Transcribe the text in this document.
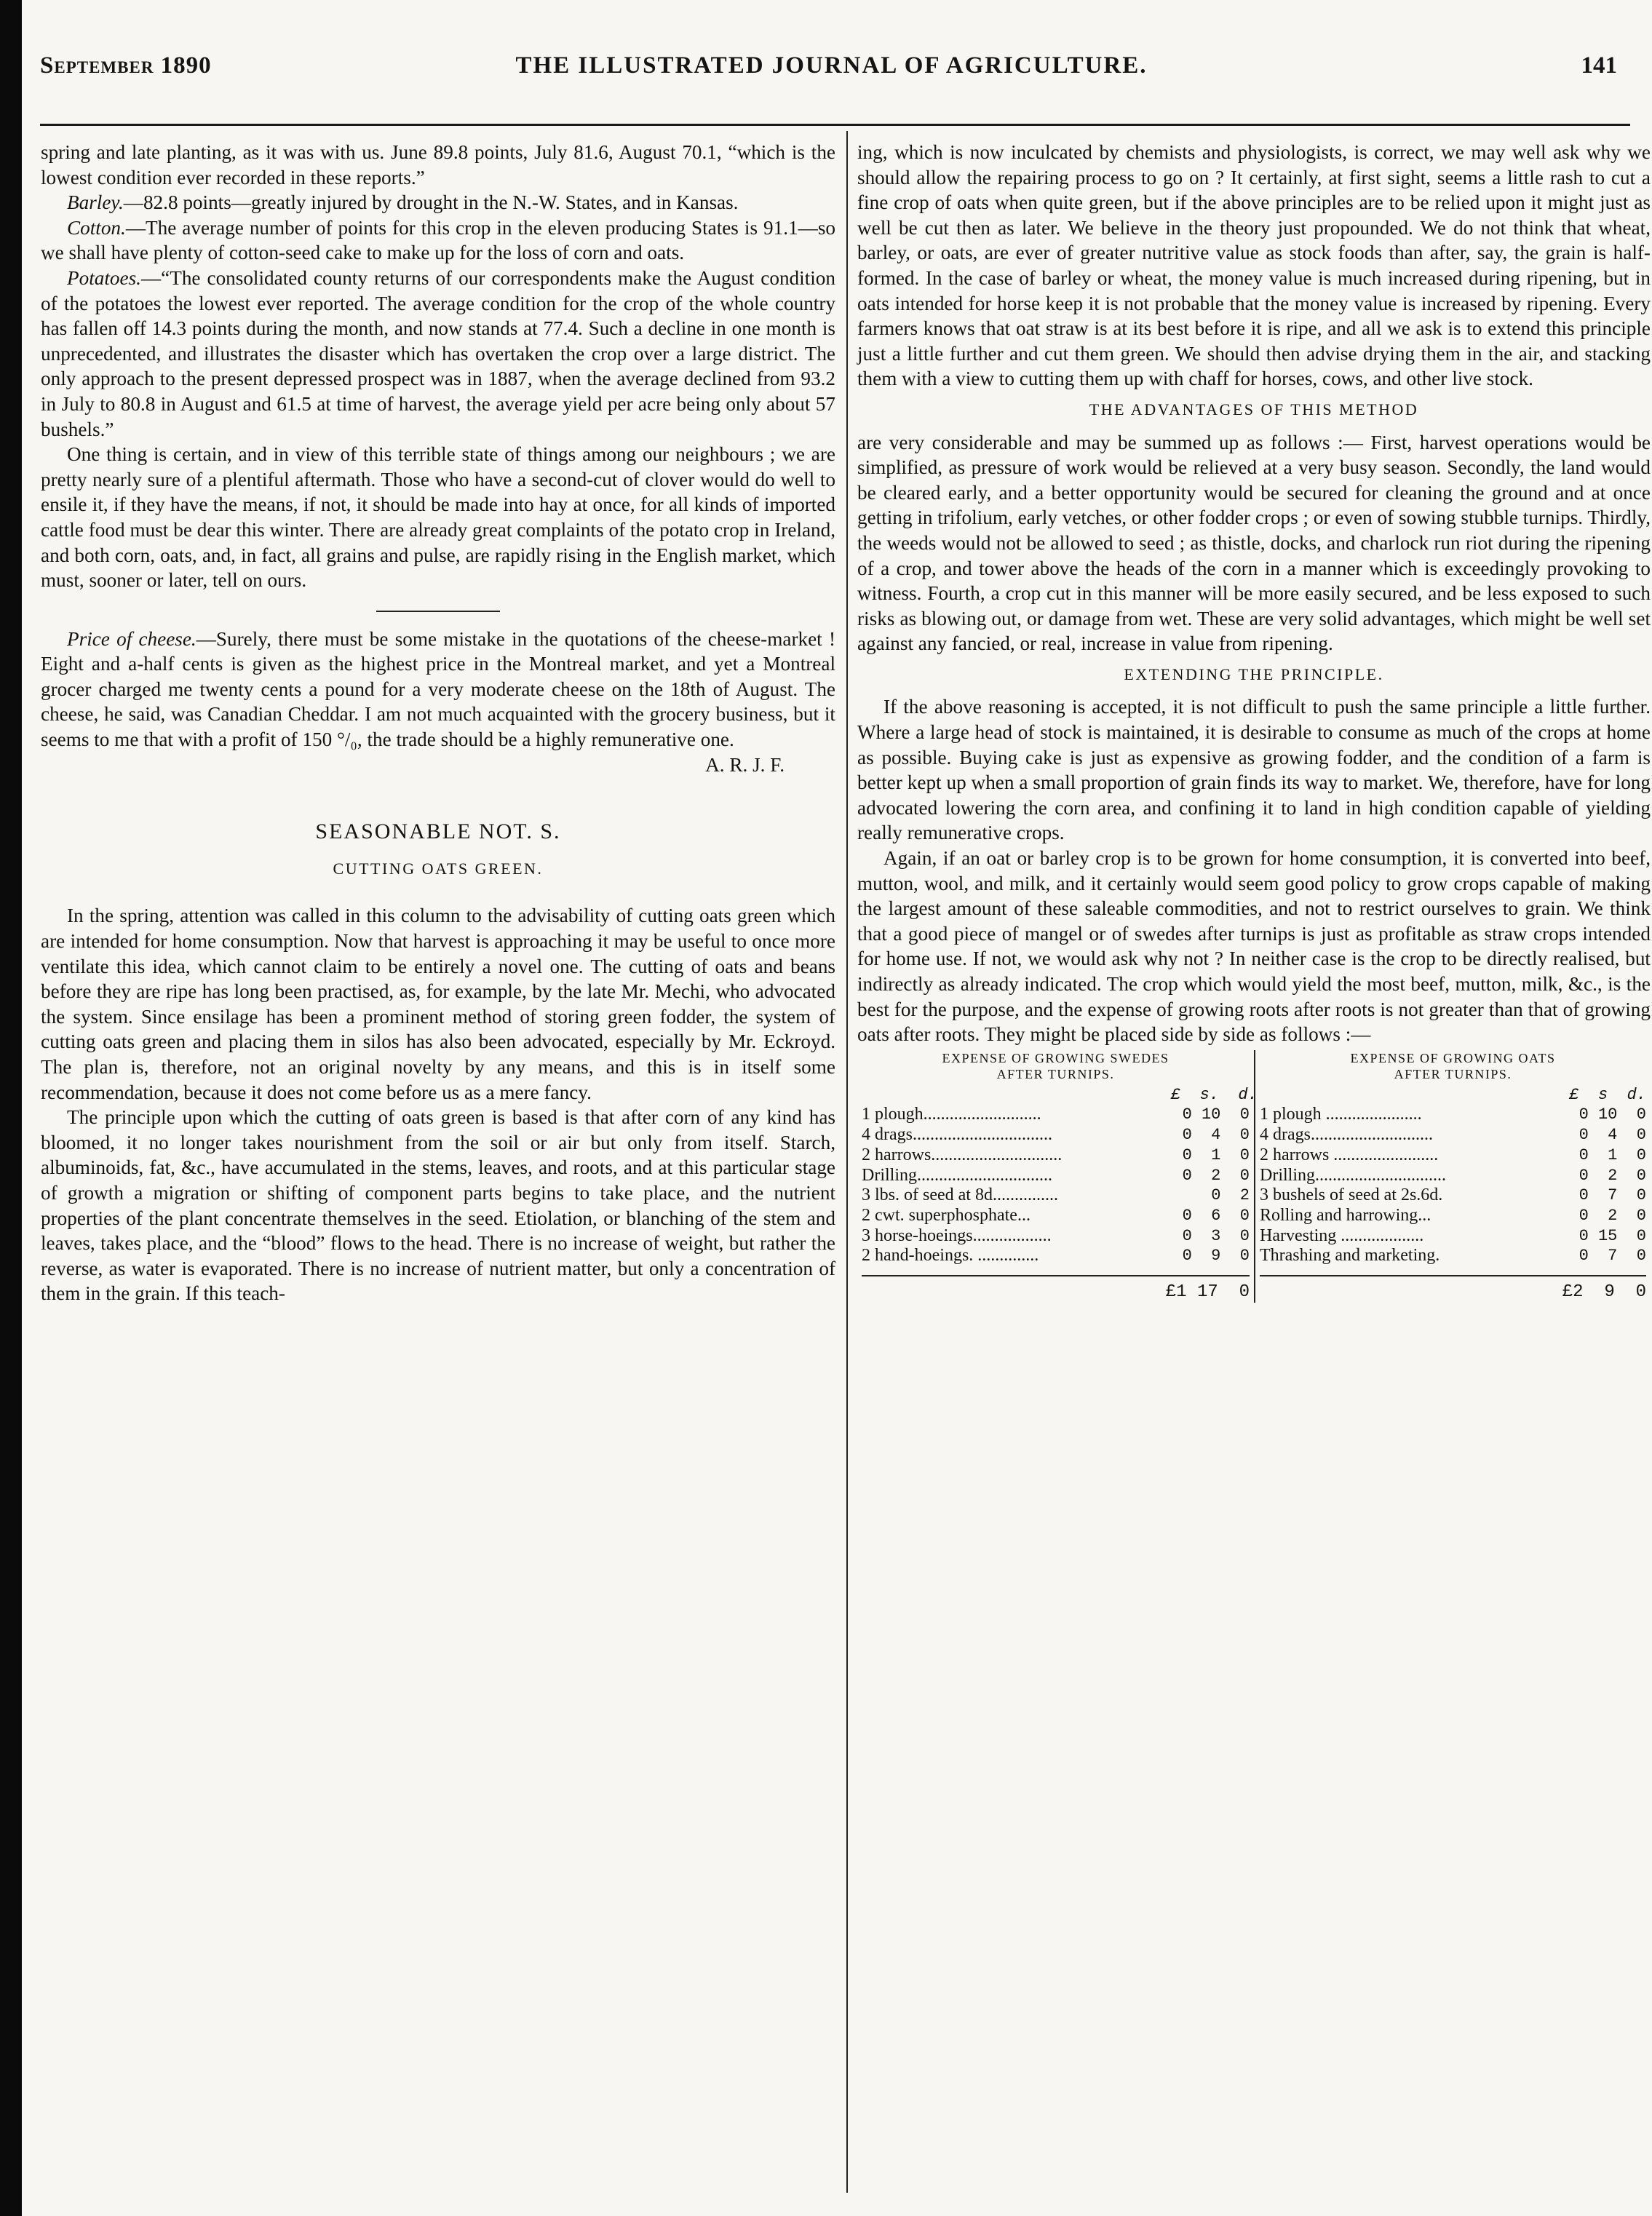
September 1890	THE ILLUSTRATED JOURNAL OF AGRICULTURE.	141

spring and late planting, as it was with us. June 89.8 points, July 81.6, August 70.1, “which is the lowest condition ever recorded in these reports.”

Barley.—82.8 points—greatly injured by drought in the N.-W. States, and in Kansas.

Cotton.—The average number of points for this crop in the eleven producing States is 91.1—so we shall have plenty of cotton-seed cake to make up for the loss of corn and oats.

Potatoes.—“The consolidated county returns of our correspondents make the August condition of the potatoes the lowest ever reported. The average condition for the crop of the whole country has fallen off 14.3 points during the month, and now stands at 77.4. Such a decline in one month is unprecedented, and illustrates the disaster which has overtaken the crop over a large district. The only approach to the present depressed prospect was in 1887, when the average declined from 93.2 in July to 80.8 in August and 61.5 at time of harvest, the average yield per acre being only about 57 bushels.”

One thing is certain, and in view of this terrible state of things among our neighbours ; we are pretty nearly sure of a plentiful aftermath. Those who have a second-cut of clover would do well to ensile it, if they have the means, if not, it should be made into hay at once, for all kinds of imported cattle food must be dear this winter. There are already great complaints of the potato crop in Ireland, and both corn, oats, and, in fact, all grains and pulse, are rapidly rising in the English market, which must, sooner or later, tell on ours.

Price of cheese.—Surely, there must be some mistake in the quotations of the cheese-market ! Eight and a-half cents is given as the highest price in the Montreal market, and yet a Montreal grocer charged me twenty cents a pound for a very moderate cheese on the 18th of August. The cheese, he said, was Canadian Cheddar. I am not much acquainted with the grocery business, but it seems to me that with a profit of 150 °/₀, the trade should be a highly remunerative one.

A. R. J. F.

SEASONABLE NOT. S.
CUTTING OATS GREEN.

In the spring, attention was called in this column to the advisability of cutting oats green which are intended for home consumption. Now that harvest is approaching it may be useful to once more ventilate this idea, which cannot claim to be entirely a novel one. The cutting of oats and beans before they are ripe has long been practised, as, for example, by the late Mr. Mechi, who advocated the system. Since ensilage has been a prominent method of storing green fodder, the system of cutting oats green and placing them in silos has also been advocated, especially by Mr. Eckroyd. The plan is, therefore, not an original novelty by any means, and this is in itself some recommendation, because it does not come before us as a mere fancy.

The principle upon which the cutting of oats green is based is that after corn of any kind has bloomed, it no longer takes nourishment from the soil or air but only from itself. Starch, albuminoids, fat, &c., have accumulated in the stems, leaves, and roots, and at this particular stage of growth a migration or shifting of component parts begins to take place, and the nutrient properties of the plant concentrate themselves in the seed. Etiolation, or blanching of the stem and leaves, takes place, and the “blood” flows to the head. There is no increase of weight, but rather the reverse, as water is evaporated. There is no increase of nutrient matter, but only a concentration of them in the grain. If this teach-

ing, which is now inculcated by chemists and physiologists, is correct, we may well ask why we should allow the repairing process to go on ? It certainly, at first sight, seems a little rash to cut a fine crop of oats when quite green, but if the above principles are to be relied upon it might just as well be cut then as later. We believe in the theory just propounded. We do not think that wheat, barley, or oats, are ever of greater nutritive value as stock foods than after, say, the grain is half-formed. In the case of barley or wheat, the money value is much increased during ripening, but in oats intended for horse keep it is not probable that the money value is increased by ripening. Every farmers knows that oat straw is at its best before it is ripe, and all we ask is to extend this principle just a little further and cut them green. We should then advise drying them in the air, and stacking them with a view to cutting them up with chaff for horses, cows, and other live stock.

THE ADVANTAGES OF THIS METHOD

are very considerable and may be summed up as follows :— First, harvest operations would be simplified, as pressure of work would be relieved at a very busy season. Secondly, the land would be cleared early, and a better opportunity would be secured for cleaning the ground and at once getting in trifolium, early vetches, or other fodder crops ; or even of sowing stubble turnips. Thirdly, the weeds would not be allowed to seed ; as thistle, docks, and charlock run riot during the ripening of a crop, and tower above the heads of the corn in a manner which is exceedingly provoking to witness. Fourth, a crop cut in this manner will be more easily secured, and be less exposed to such risks as blowing out, or damage from wet. These are very solid advantages, which might be well set against any fancied, or real, increase in value from ripening.

EXTENDING THE PRINCIPLE.

If the above reasoning is accepted, it is not difficult to push the same principle a little further. Where a large head of stock is maintained, it is desirable to consume as much of the crops at home as possible. Buying cake is just as expensive as growing fodder, and the condition of a farm is better kept up when a small proportion of grain finds its way to market. We, therefore, have for long advocated lowering the corn area, and confining it to land in high condition capable of yielding really remunerative crops.

Again, if an oat or barley crop is to be grown for home consumption, it is converted into beef, mutton, wool, and milk, and it certainly would seem good policy to grow crops capable of making the largest amount of these saleable commodities, and not to restrict ourselves to grain. We think that a good piece of mangel or of swedes after turnips is just as profitable as straw crops intended for home use. If not, we would ask why not ? In neither case is the crop to be directly realised, but indirectly as already indicated. The crop which would yield the most beef, mutton, milk, &c., is the best for the purpose, and the expense of growing roots after roots is not greater than that of growing oats after roots. They might be placed side by side as follows :—

EXPENSE OF GROWING SWEDES
AFTER TURNIPS.
£  s.  d.
1 plough...........................	0 10  0
4 drags................................	0  4  0
2 harrows..............................	0  1  0
Drilling...............................	0  2  0
3 lbs. of seed at 8d...............	0  2
2 cwt. superphosphate...	0  6  0
3 horse-hoeings..................	0  3  0
2 hand-hoeings. ..............	0  9  0
£1 17  0
EXPENSE OF GROWING OATS
AFTER TURNIPS.
£  s  d.
1 plough ......................	0 10  0
4 drags............................	0  4  0
2 harrows ........................	0  1  0
Drilling..............................	0  2  0
3 bushels of seed at 2s.6d.	0  7  0
Rolling and harrowing...	0  2  0
Harvesting ...................	0 15  0
Thrashing and marketing.	0  7  0
£2  9  0
